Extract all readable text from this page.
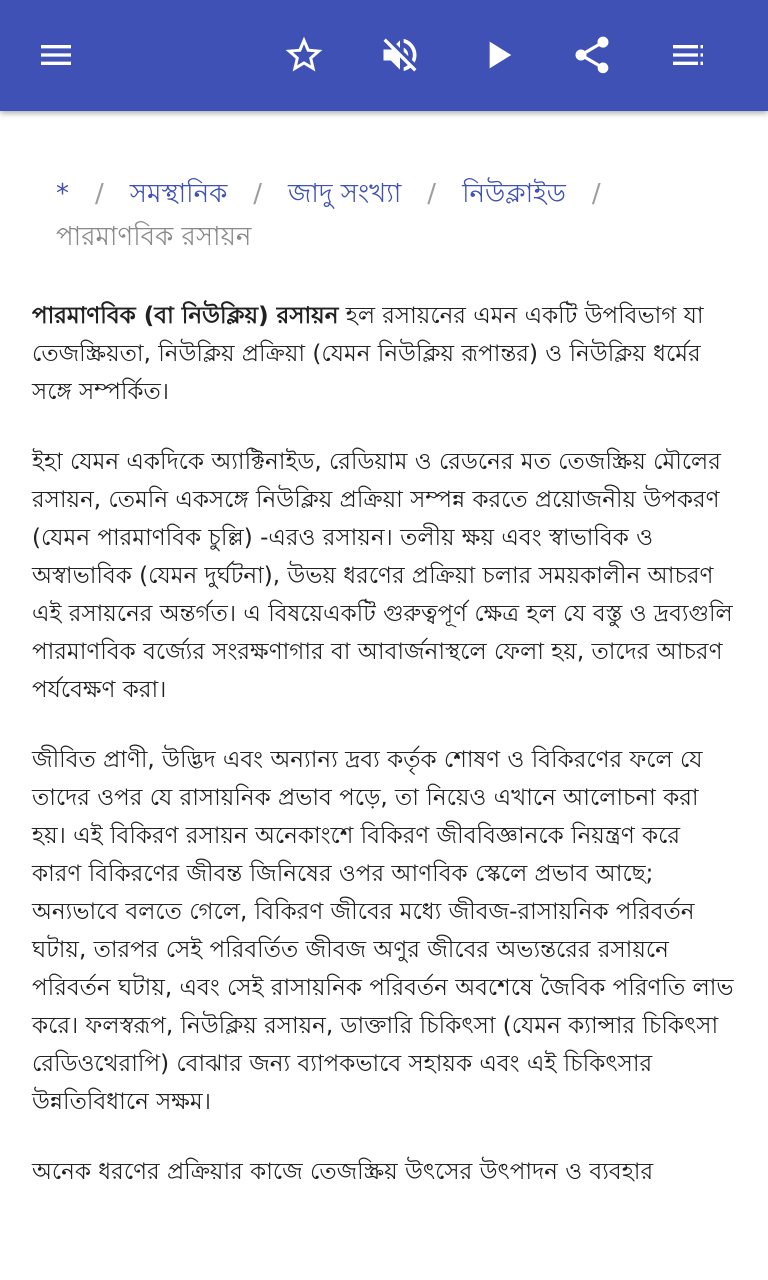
* / সমস্থানিক / জাদু সংখ্যা / নিউক্লাইড /
পারমাণবিক রসায়ন

পারমাণবিক (বা নিউক্লিয়) রসায়ন হল রসায়নের এমন একটি উপবিভাগ যা তেজস্ক্রিয়তা, নিউক্লিয় প্রক্রিয়া (যেমন নিউক্লিয় রূপান্তর) ও নিউক্লিয় ধর্মের সঙ্গে সম্পর্কিত।

ইহা যেমন একদিকে অ্যাক্টিনাইড, রেডিয়াম ও রেডনের মত তেজস্ক্রিয় মৌলের রসায়ন, তেমনি একসঙ্গে নিউক্লিয় প্রক্রিয়া সম্পন্ন করতে প্রয়োজনীয় উপকরণ (যেমন পারমাণবিক চুল্লি) -এরও রসায়ন। তলীয় ক্ষয় এবং স্বাভাবিক ও অস্বাভাবিক (যেমন দুর্ঘটনা), উভয় ধরণের প্রক্রিয়া চলার সময়কালীন আচরণ এই রসায়নের অন্তর্গত। এ বিষয়েএকটি গুরুত্বপূর্ণ ক্ষেত্র হল যে বস্তু ও দ্রব্যগুলি পারমাণবিক বর্জ্যের সংরক্ষণাগার বা আবার্জনাস্থলে ফেলা হয়, তাদের আচরণ পর্যবেক্ষণ করা।

জীবিত প্রাণী, উদ্ভিদ এবং অন্যান্য দ্রব্য কর্তৃক শোষণ ও বিকিরণের ফলে যে তাদের ওপর যে রাসায়নিক প্রভাব পড়ে, তা নিয়েও এখানে আলোচনা করা হয়। এই বিকিরণ রসায়ন অনেকাংশে বিকিরণ জীববিজ্ঞানকে নিয়ন্ত্রণ করে কারণ বিকিরণের জীবন্ত জিনিষের ওপর আণবিক স্কেলে প্রভাব আছে; অন্যভাবে বলতে গেলে, বিকিরণ জীবের মধ্যে জীবজ-রাসায়নিক পরিবর্তন ঘটায়, তারপর সেই পরিবর্তিত জীবজ অণুর জীবের অভ্যন্তরের রসায়নে পরিবর্তন ঘটায়, এবং সেই রাসায়নিক পরিবর্তন অবশেষে জৈবিক পরিণতি লাভ করে। ফলস্বরূপ, নিউক্লিয় রসায়ন, ডাক্তারি চিকিৎসা (যেমন ক্যান্সার চিকিৎসা রেডিওথেরাপি) বোঝার জন্য ব্যাপকভাবে সহায়ক এবং এই চিকিৎসার উন্নতিবিধানে সক্ষম।

অনেক ধরণের প্রক্রিয়ার কাজে তেজস্ক্রিয় উৎসের উৎপাদন ও ব্যবহার
